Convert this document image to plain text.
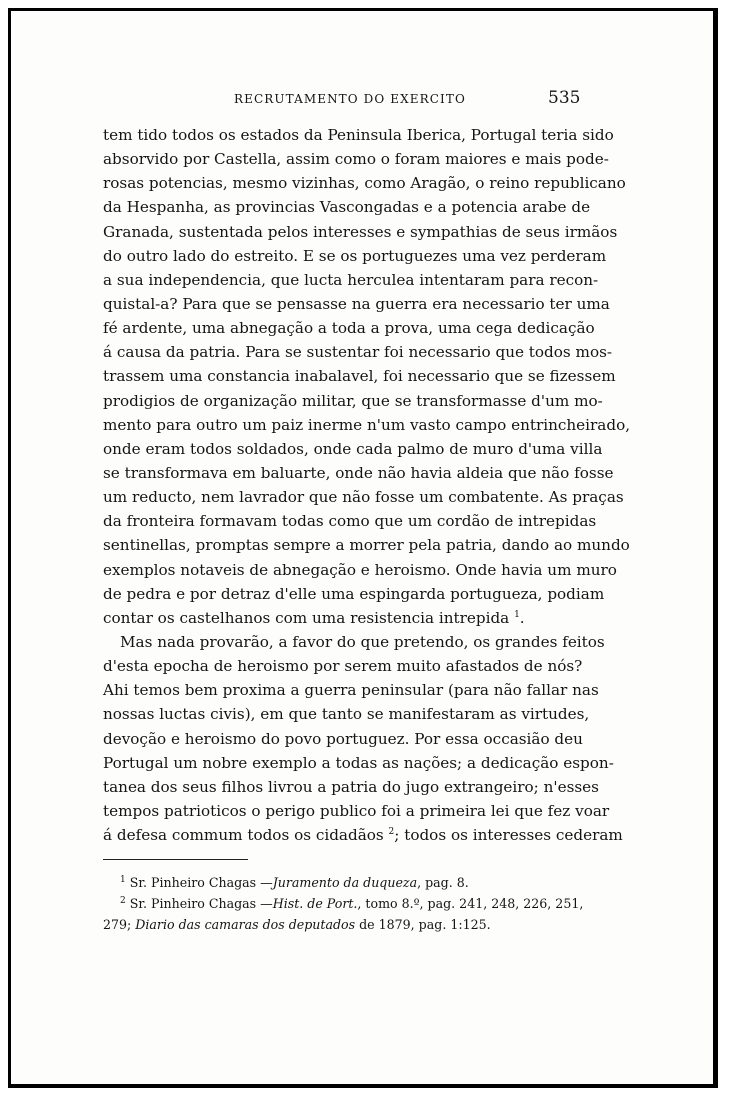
RECRUTAMENTO DO EXERCITO	535
tem tido todos os estados da Peninsula Iberica, Portugal teria sido
absorvido por Castella, assim como o foram maiores e mais pode-
rosas potencias, mesmo vizinhas, como Aragão, o reino republicano
da Hespanha, as provincias Vascongadas e a potencia arabe de
Granada, sustentada pelos interesses e sympathias de seus irmãos
do outro lado do estreito. E se os portuguezes uma vez perderam
a sua independencia, que lucta herculea intentaram para recon-
quistal-a? Para que se pensasse na guerra era necessario ter uma
fé ardente, uma abnegação a toda a prova, uma cega dedicação
á causa da patria. Para se sustentar foi necessario que todos mos-
trassem uma constancia inabalavel, foi necessario que se fizessem
prodigios de organização militar, que se transformasse d'um mo-
mento para outro um paiz inerme n'um vasto campo entrincheirado,
onde eram todos soldados, onde cada palmo de muro d'uma villa
se transformava em baluarte, onde não havia aldeia que não fosse
um reducto, nem lavrador que não fosse um combatente. As praças
da fronteira formavam todas como que um cordão de intrepidas
sentinellas, promptas sempre a morrer pela patria, dando ao mundo
exemplos notaveis de abnegação e heroismo. Onde havia um muro
de pedra e por detraz d'elle uma espingarda portugueza, podiam
contar os castelhanos com uma resistencia intrepida $^1$.
Mas nada provarão, a favor do que pretendo, os grandes feitos
d'esta epocha de heroismo por serem muito afastados de nós?
Ahi temos bem proxima a guerra peninsular (para não fallar nas
nossas luctas civis), em que tanto se manifestaram as virtudes,
devoção e heroismo do povo portuguez. Por essa occasião deu
Portugal um nobre exemplo a todas as nações; a dedicação espon-
tanea dos seus filhos livrou a patria do jugo extrangeiro; n'esses
tempos patrioticos o perigo publico foi a primeira lei que fez voar
á defesa commum todos os cidadãos $^2$; todos os interesses cederam
$^1$ Sr. Pinheiro Chagas —Juramento da duqueza, pag. 8.
$^2$ Sr. Pinheiro Chagas —Hist. de Port., tomo 8.º, pag. 241, 248, 226, 251,
279; Diario das camaras dos deputados de 1879, pag. 1:125.
